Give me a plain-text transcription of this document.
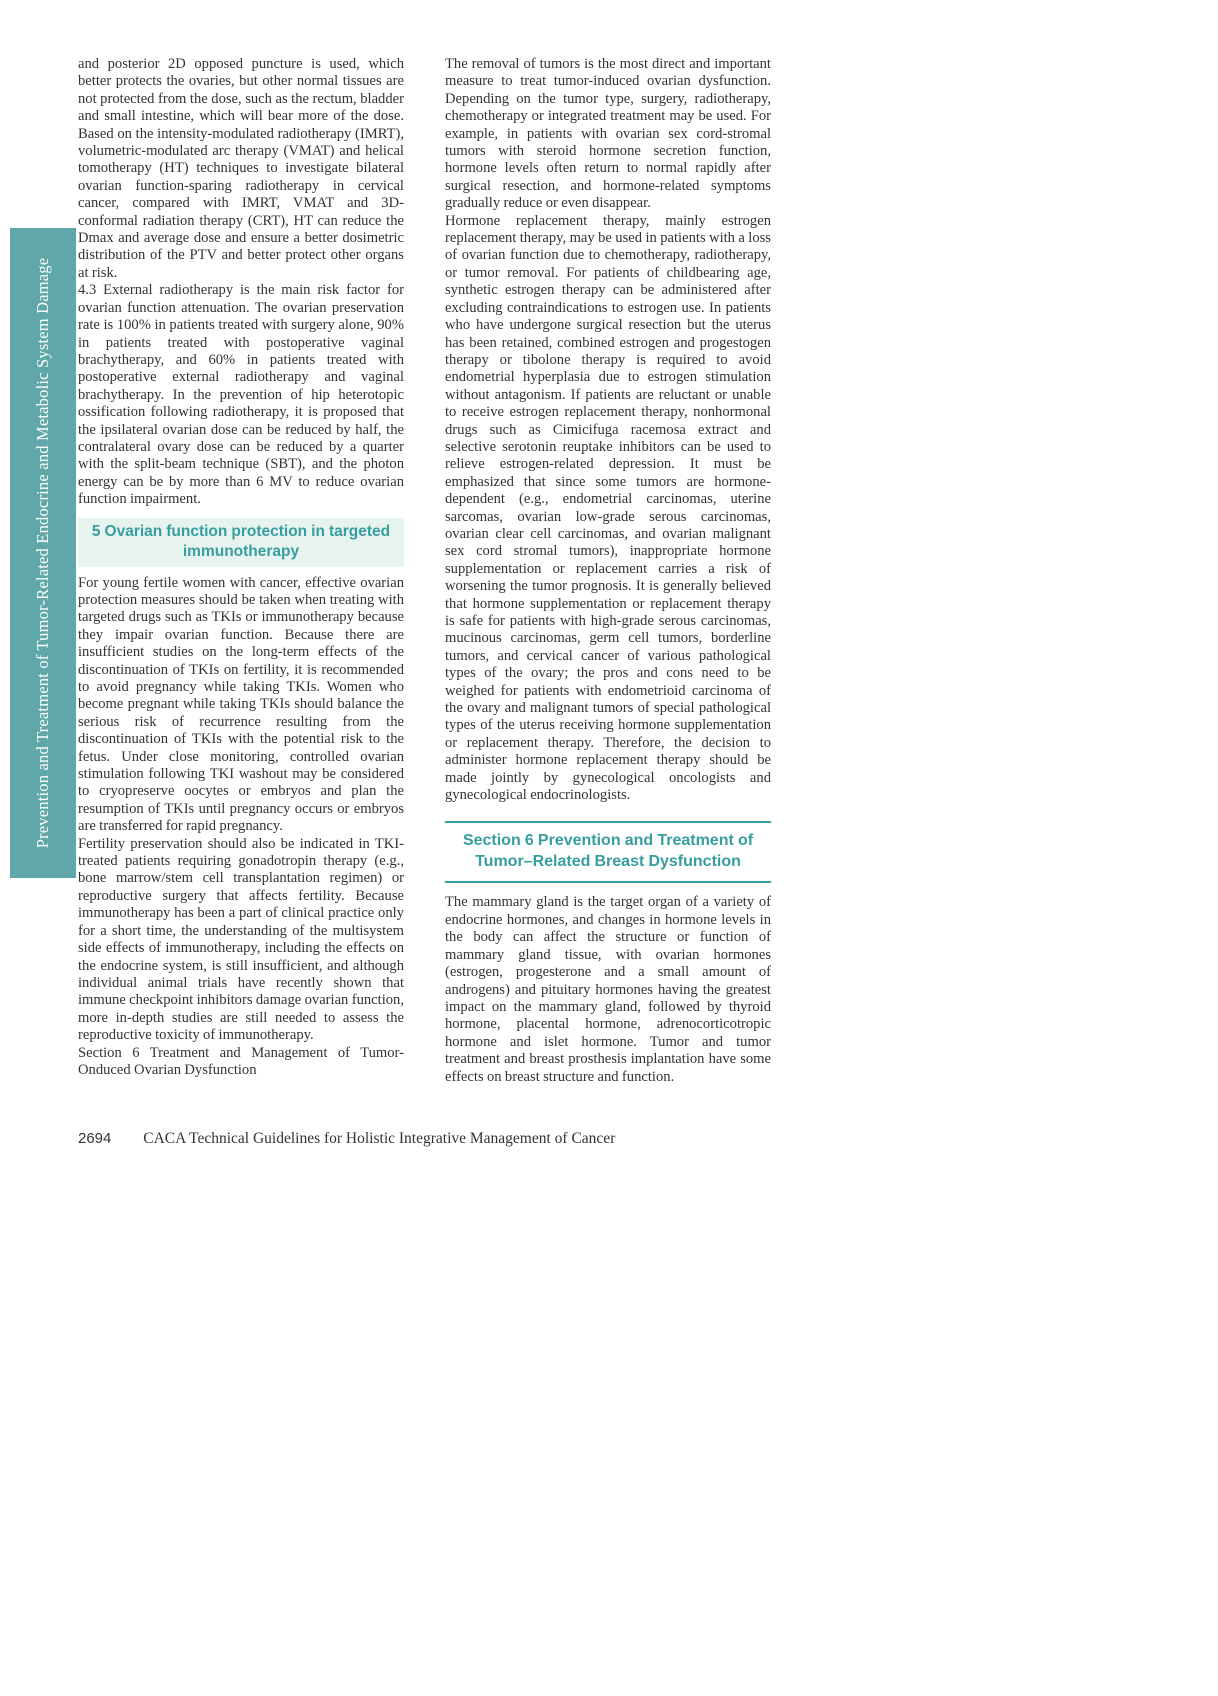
Prevention and Treatment of Tumor-Related Endocrine and Metabolic System Damage

and posterior 2D opposed puncture is used, which better protects the ovaries, but other normal tissues are not protected from the dose, such as the rectum, bladder and small intestine, which will bear more of the dose. Based on the intensity-modulated radiotherapy (IMRT), volumetric-modulated arc therapy (VMAT) and helical tomotherapy (HT) techniques to investigate bilateral ovarian function-sparing radiotherapy in cervical cancer, compared with IMRT, VMAT and 3D-conformal radiation therapy (CRT), HT can reduce the Dmax and average dose and ensure a better dosimetric distribution of the PTV and better protect other organs at risk.

4.3 External radiotherapy is the main risk factor for ovarian function attenuation. The ovarian preservation rate is 100% in patients treated with surgery alone, 90% in patients treated with postoperative vaginal brachytherapy, and 60% in patients treated with postoperative external radiotherapy and vaginal brachytherapy. In the prevention of hip heterotopic ossification following radiotherapy, it is proposed that the ipsilateral ovarian dose can be reduced by half, the contralateral ovary dose can be reduced by a quarter with the split-beam technique (SBT), and the photon energy can be by more than 6 MV to reduce ovarian function impairment.

5 Ovarian function protection in targeted
immunotherapy

For young fertile women with cancer, effective ovarian protection measures should be taken when treating with targeted drugs such as TKIs or immunotherapy because they impair ovarian function. Because there are insufficient studies on the long-term effects of the discontinuation of TKIs on fertility, it is recommended to avoid pregnancy while taking TKIs. Women who become pregnant while taking TKIs should balance the serious risk of recurrence resulting from the discontinuation of TKIs with the potential risk to the fetus. Under close monitoring, controlled ovarian stimulation following TKI washout may be considered to cryopreserve oocytes or embryos and plan the resumption of TKIs until pregnancy occurs or embryos are transferred for rapid pregnancy.

Fertility preservation should also be indicated in TKI-treated patients requiring gonadotropin therapy (e.g., bone marrow/stem cell transplantation regimen) or reproductive surgery that affects fertility. Because immunotherapy has been a part of clinical practice only for a short time, the understanding of the multisystem side effects of immunotherapy, including the effects on the endocrine system, is still insufficient, and although individual animal trials have recently shown that immune checkpoint inhibitors damage ovarian function, more in-depth studies are still needed to assess the reproductive toxicity of immunotherapy.

Section 6 Treatment and Management of Tumor-Onduced Ovarian Dysfunction

The removal of tumors is the most direct and important measure to treat tumor-induced ovarian dysfunction. Depending on the tumor type, surgery, radiotherapy, chemotherapy or integrated treatment may be used. For example, in patients with ovarian sex cord-stromal tumors with steroid hormone secretion function, hormone levels often return to normal rapidly after surgical resection, and hormone-related symptoms gradually reduce or even disappear.

Hormone replacement therapy, mainly estrogen replacement therapy, may be used in patients with a loss of ovarian function due to chemotherapy, radiotherapy, or tumor removal. For patients of childbearing age, synthetic estrogen therapy can be administered after excluding contraindications to estrogen use. In patients who have undergone surgical resection but the uterus has been retained, combined estrogen and progestogen therapy or tibolone therapy is required to avoid endometrial hyperplasia due to estrogen stimulation without antagonism. If patients are reluctant or unable to receive estrogen replacement therapy, nonhormonal drugs such as Cimicifuga racemosa extract and selective serotonin reuptake inhibitors can be used to relieve estrogen-related depression. It must be emphasized that since some tumors are hormone-dependent (e.g., endometrial carcinomas, uterine sarcomas, ovarian low-grade serous carcinomas, ovarian clear cell carcinomas, and ovarian malignant sex cord stromal tumors), inappropriate hormone supplementation or replacement carries a risk of worsening the tumor prognosis. It is generally believed that hormone supplementation or replacement therapy is safe for patients with high-grade serous carcinomas, mucinous carcinomas, germ cell tumors, borderline tumors, and cervical cancer of various pathological types of the ovary; the pros and cons need to be weighed for patients with endometrioid carcinoma of the ovary and malignant tumors of special pathological types of the uterus receiving hormone supplementation or replacement therapy. Therefore, the decision to administer hormone replacement therapy should be made jointly by gynecological oncologists and gynecological endocrinologists.

Section 6 Prevention and Treatment of
Tumor–Related Breast Dysfunction

The mammary gland is the target organ of a variety of endocrine hormones, and changes in hormone levels in the body can affect the structure or function of mammary gland tissue, with ovarian hormones (estrogen, progesterone and a small amount of androgens) and pituitary hormones having the greatest impact on the mammary gland, followed by thyroid hormone, placental hormone, adrenocorticotropic hormone and islet hormone. Tumor and tumor treatment and breast prosthesis implantation have some effects on breast structure and function.

2694 CACA Technical Guidelines for Holistic Integrative Management of Cancer
